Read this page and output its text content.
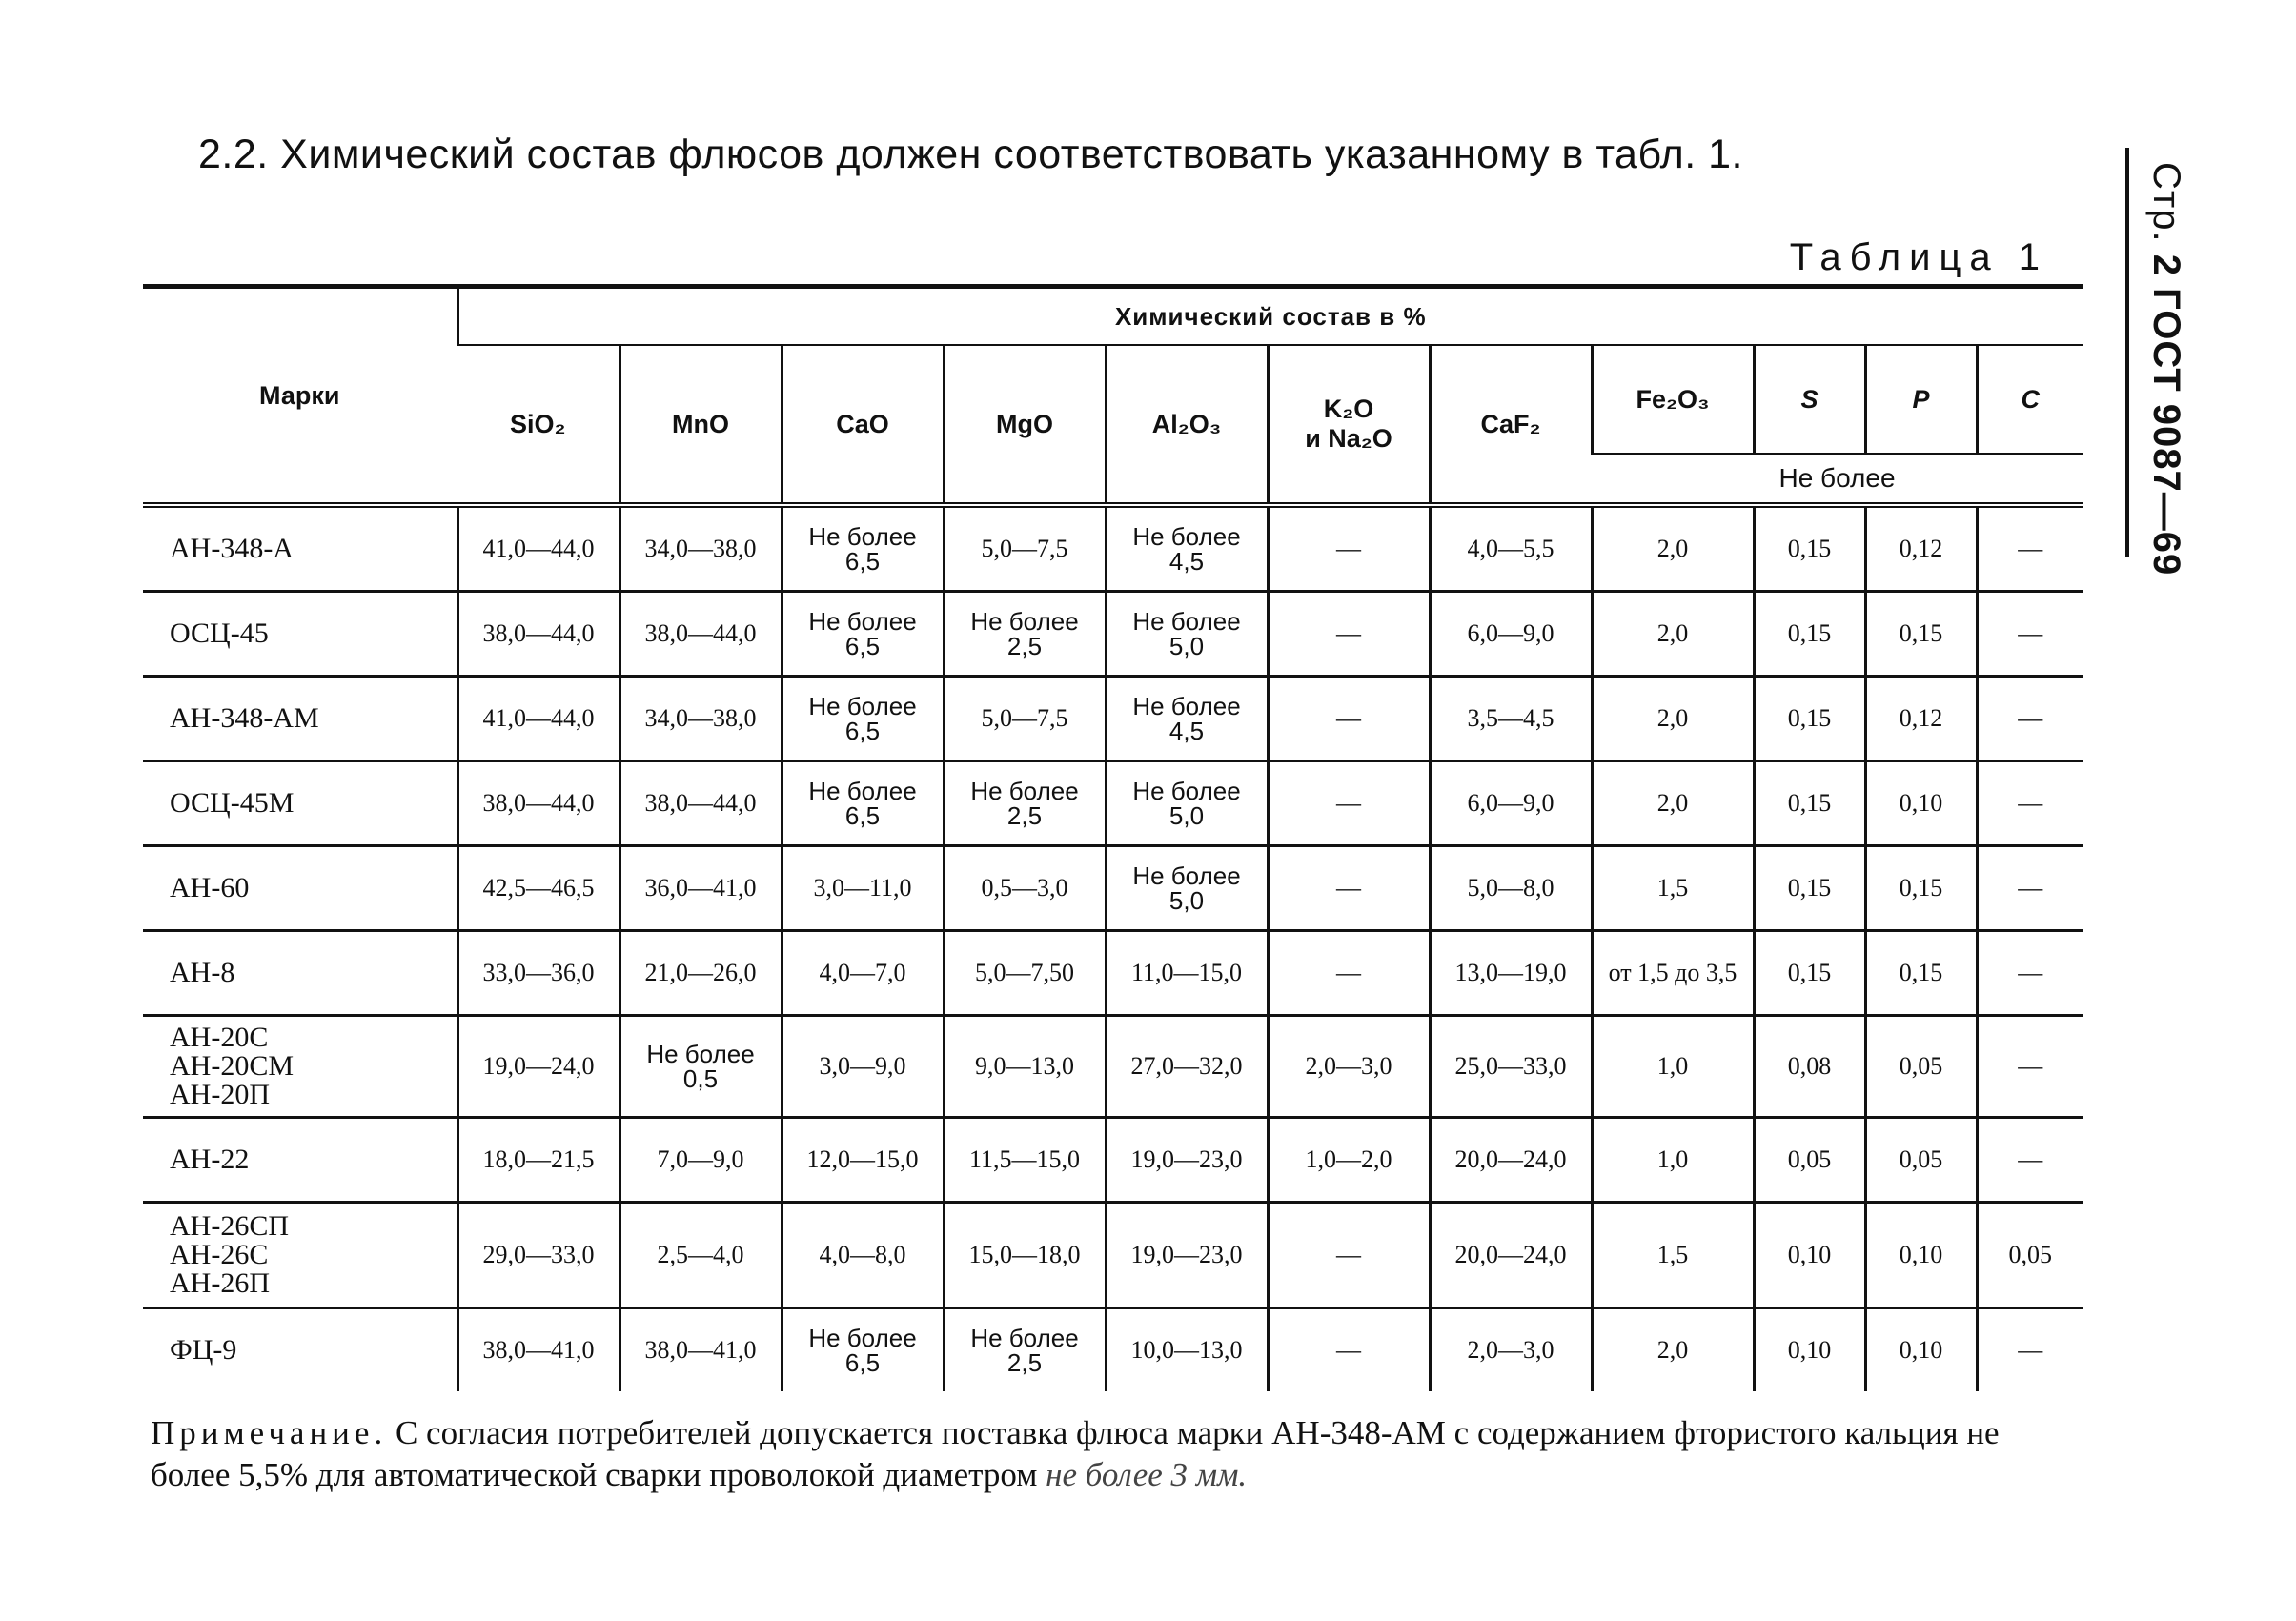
2.2. Химический состав флюсов должен соответствовать указанному в табл. 1.
Стр. 2 ГОСТ 9087—69
Таблица 1
Марки	Химический состав в %										
	SiO₂	MnO	CaO	MgO	Al₂O₃	K₂O
и Na₂O	CaF₂	Fe₂O₃	S	P	C
								Не более			

АН-348-А	41,0—44,0	34,0—38,0	Не более
6,5	5,0—7,5	Не более
4,5	—	4,0—5,5	2,0	0,15	0,12	—
ОСЦ-45	38,0—44,0	38,0—44,0	Не более
6,5	Не более
2,5	Не более
5,0	—	6,0—9,0	2,0	0,15	0,15	—
АН-348-АМ	41,0—44,0	34,0—38,0	Не более
6,5	5,0—7,5	Не более
4,5	—	3,5—4,5	2,0	0,15	0,12	—
ОСЦ-45М	38,0—44,0	38,0—44,0	Не более
6,5	Не более
2,5	Не более
5,0	—	6,0—9,0	2,0	0,15	0,10	—
АН-60	42,5—46,5	36,0—41,0	3,0—11,0	0,5—3,0	Не более
5,0	—	5,0—8,0	1,5	0,15	0,15	—
АН-8	33,0—36,0	21,0—26,0	4,0—7,0	5,0—7,50	11,0—15,0	—	13,0—19,0	от 1,5 до 3,5	0,15	0,15	—
АН-20С
АН-20СМ
АН-20П	19,0—24,0	Не более
0,5	3,0—9,0	9,0—13,0	27,0—32,0	2,0—3,0	25,0—33,0	1,0	0,08	0,05	—
АН-22	18,0—21,5	7,0—9,0	12,0—15,0	11,5—15,0	19,0—23,0	1,0—2,0	20,0—24,0	1,0	0,05	0,05	—
АН-26СП
АН-26С
АН-26П	29,0—33,0	2,5—4,0	4,0—8,0	15,0—18,0	19,0—23,0	—	20,0—24,0	1,5	0,10	0,10	0,05
ФЦ-9	38,0—41,0	38,0—41,0	Не более
6,5	Не более
2,5	10,0—13,0	—	2,0—3,0	2,0	0,10	0,10	—
Примечание. С согласия потребителей допускается поставка флюса марки АН-348-АМ с содержанием фтористого кальция не более 5,5% для автоматической сварки проволокой диаметром не более 3 мм.
